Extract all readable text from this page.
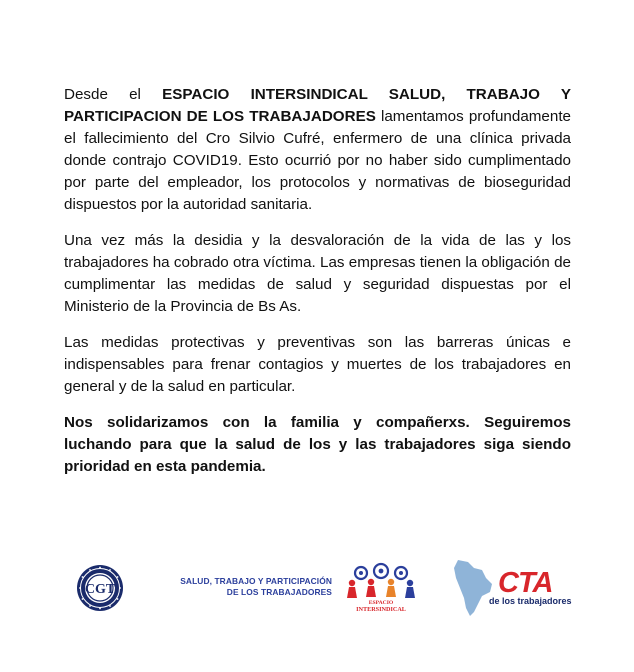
Desde el ESPACIO INTERSINDICAL SALUD, TRABAJO Y PARTICIPACION DE LOS TRABAJADORES lamentamos profundamente el fallecimiento del Cro Silvio Cufré, enfermero de una clínica privada donde contrajo COVID19. Esto ocurrió por no haber sido cumplimentado por parte del empleador, los protocolos y normativas de bioseguridad dispuestos por la autoridad sanitaria.

Una vez más la desidia y la desvaloración de la vida de las y los trabajadores ha cobrado otra víctima. Las empresas tienen la obligación de cumplimentar las medidas de salud y seguridad dispuestas por el Ministerio de la Provincia de Bs As.

Las medidas protectivas y preventivas son las barreras únicas e indispensables para frenar contagios y muertes de los trabajadores en general y de la salud en particular.

Nos solidarizamos con la familia y compañerxs. Seguiremos luchando para que la salud de los y las trabajadores siga siendo prioridad en esta pandemia.

CGT
SALUD, TRABAJO Y PARTICIPACIÓN
DE LOS TRABAJADORES
ESPACIO
INTERSINDICAL
CTA
de los trabajadores
